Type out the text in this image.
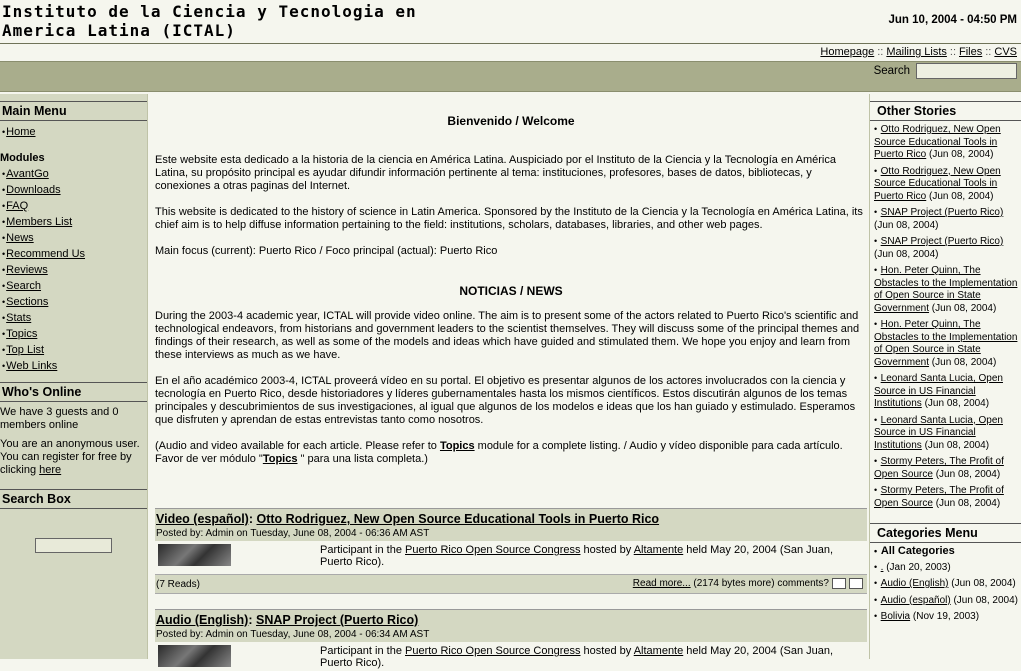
Instituto de la Ciencia y Tecnologia en
America Latina (ICTAL)
Jun 10, 2004 - 04:50 PM
Homepage :: Mailing Lists :: Files :: CVS
Search
Main Menu
•Home
Modules
•AvantGo
•Downloads
•FAQ
•Members List
•News
•Recommend Us
•Reviews
•Search
•Sections
•Stats
•Topics
•Top List
•Web Links
Who's Online
We have 3 guests and 0 members online
You are an anonymous user. You can register for free by clicking here
Search Box
Bienvenido / Welcome

Este website esta dedicado a la historia de la ciencia en América Latina. Auspiciado por el Instituto de la Ciencia y la Tecnología en América Latina, su propósito principal es ayudar difundir información pertinente al tema: instituciones, profesores, bases de datos, bibliotecas, y conexiones a otras paginas del Internet.

This website is dedicated to the history of science in Latin America. Sponsored by the Instituto de la Ciencia y la Tecnología en América Latina, its chief aim is to help diffuse information pertaining to the field: institutions, scholars, databases, libraries, and other web pages.

Main focus (current): Puerto Rico / Foco principal (actual): Puerto Rico

NOTICIAS / NEWS

During the 2003-4 academic year, ICTAL will provide video online. The aim is to present some of the actors related to Puerto Rico's scientific and technological endeavors, from historians and government leaders to the scientist themselves. They will discuss some of the principal themes and findings of their research, as well as some of the models and ideas which have guided and stimulated them. We hope you enjoy and learn from these interviews as much as we have.

En el año académico 2003-4, ICTAL proveerá vídeo en su portal. El objetivo es presentar algunos de los actores involucrados con la ciencia y tecnología en Puerto Rico, desde historiadores y líderes gubernamentales hasta los mismos científicos. Estos discutirán algunos de los temas principales y descubrimientos de sus investigaciones, al igual que algunos de los modelos e ideas que los han guiado y estimulado. Esperamos que disfruten y aprendan de estas entrevistas tanto como nosotros.

(Audio and video available for each article. Please refer to Topics module for a complete listing. / Audio y vídeo disponible para cada artículo. Favor de ver módulo "Topics " para una lista completa.)

Video (español): Otto Rodriguez, New Open Source Educational Tools in Puerto Rico
Posted by: Admin on Tuesday, June 08, 2004 - 06:36 AM AST
Participant in the Puerto Rico Open Source Congress hosted by Altamente held May 20, 2004 (San Juan, Puerto Rico).
(7 Reads)	Read more... (2174 bytes more) comments?
Audio (English): SNAP Project (Puerto Rico)
Posted by: Admin on Tuesday, June 08, 2004 - 06:34 AM AST
Participant in the Puerto Rico Open Source Congress hosted by Altamente held May 20, 2004 (San Juan, Puerto Rico).
Other Stories
• Otto Rodriguez, New Open Source Educational Tools in Puerto Rico (Jun 08, 2004)
• Otto Rodriguez, New Open Source Educational Tools in Puerto Rico (Jun 08, 2004)
• SNAP Project (Puerto Rico) (Jun 08, 2004)
• SNAP Project (Puerto Rico) (Jun 08, 2004)
• Hon. Peter Quinn, The Obstacles to the Implementation of Open Source in State Government (Jun 08, 2004)
• Hon. Peter Quinn, The Obstacles to the Implementation of Open Source in State Government (Jun 08, 2004)
• Leonard Santa Lucia, Open Source in US Financial Institutions (Jun 08, 2004)
• Leonard Santa Lucia, Open Source in US Financial Institutions (Jun 08, 2004)
• Stormy Peters, The Profit of Open Source (Jun 08, 2004)
• Stormy Peters, The Profit of Open Source (Jun 08, 2004)
Categories Menu
• All Categories
• . (Jan 20, 2003)
• Audio (English) (Jun 08, 2004)
• Audio (español) (Jun 08, 2004)
• Bolivia (Nov 19, 2003)
